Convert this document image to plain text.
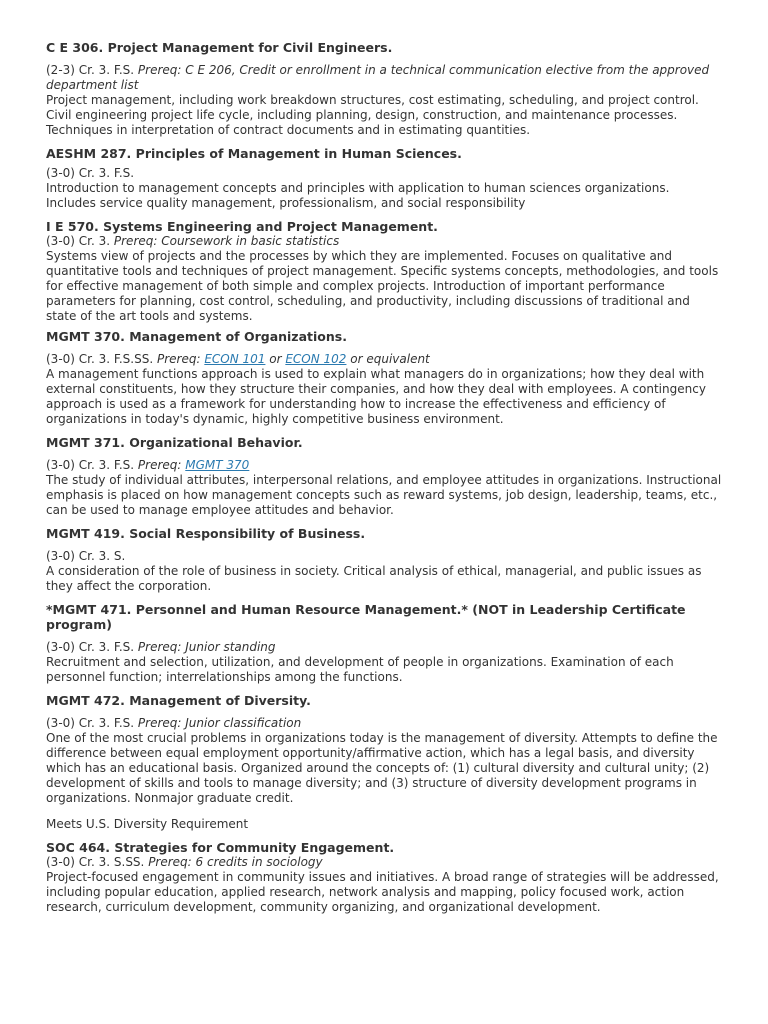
C E 306. Project Management for Civil Engineers.

(2-3) Cr. 3. F.S. Prereq: C E 206, Credit or enrollment in a technical communication elective from the approved department list

Project management, including work breakdown structures, cost estimating, scheduling, and project control. Civil engineering project life cycle, including planning, design, construction, and maintenance processes. Techniques in interpretation of contract documents and in estimating quantities.

AESHM 287. Principles of Management in Human Sciences.

(3-0) Cr. 3. F.S.

Introduction to management concepts and principles with application to human sciences organizations. Includes service quality management, professionalism, and social responsibility

I E 570. Systems Engineering and Project Management.

(3-0) Cr. 3. Prereq: Coursework in basic statistics

Systems view of projects and the processes by which they are implemented. Focuses on qualitative and quantitative tools and techniques of project management. Specific systems concepts, methodologies, and tools for effective management of both simple and complex projects. Introduction of important performance parameters for planning, cost control, scheduling, and productivity, including discussions of traditional and state of the art tools and systems.

MGMT 370. Management of Organizations.

(3-0) Cr. 3. F.S.SS. Prereq: ECON 101 or ECON 102 or equivalent

A management functions approach is used to explain what managers do in organizations; how they deal with external constituents, how they structure their companies, and how they deal with employees. A contingency approach is used as a framework for understanding how to increase the effectiveness and efficiency of organizations in today's dynamic, highly competitive business environment.

MGMT 371. Organizational Behavior.

(3-0) Cr. 3. F.S. Prereq: MGMT 370

The study of individual attributes, interpersonal relations, and employee attitudes in organizations. Instructional emphasis is placed on how management concepts such as reward systems, job design, leadership, teams, etc., can be used to manage employee attitudes and behavior.

MGMT 419. Social Responsibility of Business.

(3-0) Cr. 3. S.

A consideration of the role of business in society. Critical analysis of ethical, managerial, and public issues as they affect the corporation.

*MGMT 471. Personnel and Human Resource Management.* (NOT in Leadership Certificate program)

(3-0) Cr. 3. F.S. Prereq: Junior standing

Recruitment and selection, utilization, and development of people in organizations. Examination of each personnel function; interrelationships among the functions.

MGMT 472. Management of Diversity.

(3-0) Cr. 3. F.S. Prereq: Junior classification

One of the most crucial problems in organizations today is the management of diversity. Attempts to define the difference between equal employment opportunity/affirmative action, which has a legal basis, and diversity which has an educational basis. Organized around the concepts of: (1) cultural diversity and cultural unity; (2) development of skills and tools to manage diversity; and (3) structure of diversity development programs in organizations. Nonmajor graduate credit.

Meets U.S. Diversity Requirement

SOC 464. Strategies for Community Engagement.

(3-0) Cr. 3. S.SS. Prereq: 6 credits in sociology

Project-focused engagement in community issues and initiatives. A broad range of strategies will be addressed, including popular education, applied research, network analysis and mapping, policy focused work, action research, curriculum development, community organizing, and organizational development.
